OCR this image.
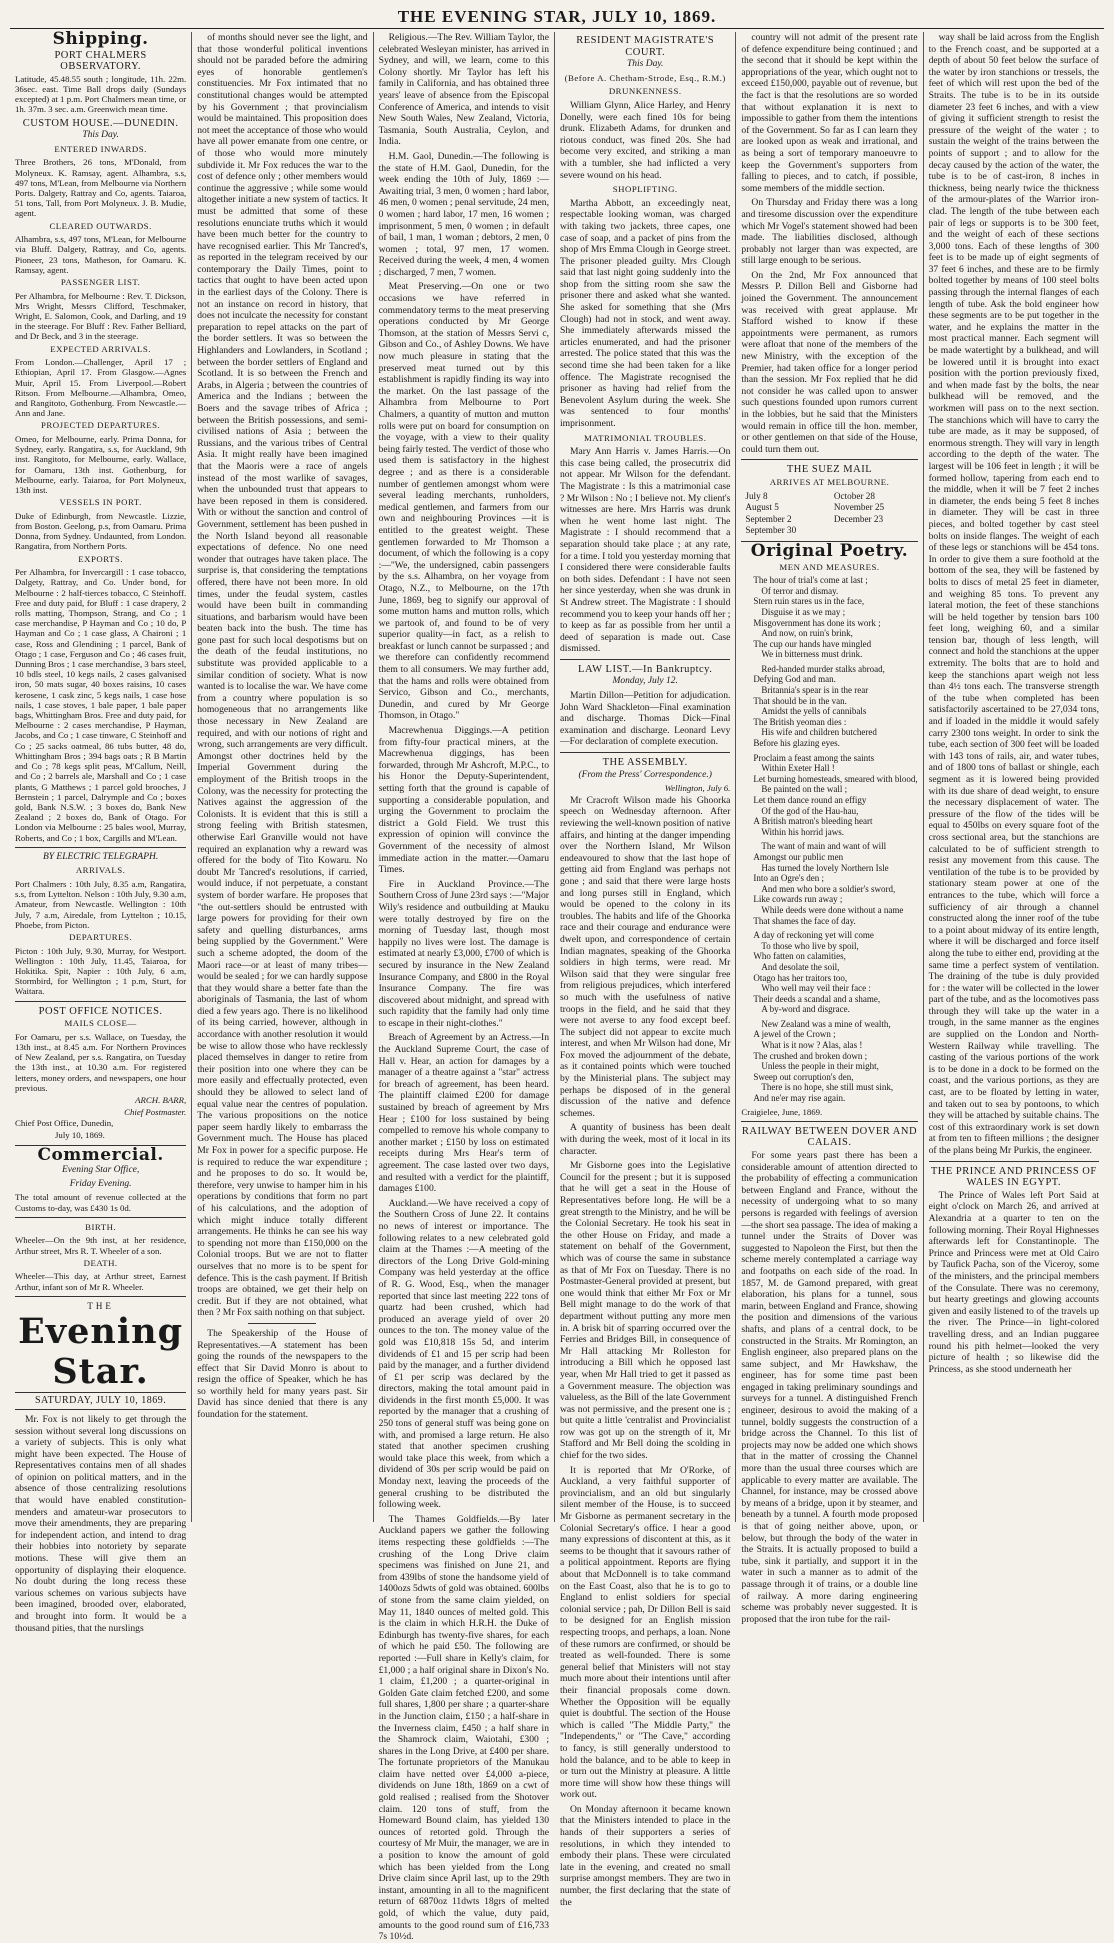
THE EVENING STAR, JULY 10, 1869.
Shipping.
PORT CHALMERS OBSERVATORY.

Latitude, 45.48.55 south ; longitude, 11h. 22m. 36sec. east. Time Ball drops daily (Sundays excepted) at 1 p.m. Port Chalmers mean time, or 1h. 37m. 3 sec. a.m. Greenwich mean time.

CUSTOM HOUSE.—DUNEDIN.
This Day.
ENTERED INWARDS.

Three Brothers, 26 tons, M'Donald, from Molyneux. K. Ramsay, agent. Alhambra, s.s, 497 tons, M'Lean, from Melbourne via Northern Ports. Dalgety, Rattray and Co, agents. Taiaroa, 51 tons, Tall, from Port Molyneux. J. B. Mudie, agent.

CLEARED OUTWARDS.

Alhambra, s.s, 497 tons, M'Lean, for Melbourne via Bluff. Dalgety, Rattray, and Co, agents. Pioneer, 23 tons, Matheson, for Oamaru. K. Ramsay, agent.

PASSENGER LIST.

Per Alhambra, for Melbourne : Rev. T. Dickson, Mrs Wright, Messrs Clifford, Teschmaker, Wright, E. Salomon, Cook, and Darling, and 19 in the steerage. For Bluff : Rev. Father Belliard, and Dr Beck, and 3 in the steerage.

EXPECTED ARRIVALS.

From London.—Challenger, April 17 ; Ethiopian, April 17. From Glasgow.—Agnes Muir, April 15. From Liverpool.—Robert Ritson. From Melbourne.—Alhambra, Omeo, and Rangitoto, Gothenburg. From Newcastle.—Ann and Jane.

PROJECTED DEPARTURES.

Omeo, for Melbourne, early. Prima Donna, for Sydney, early. Rangatira, s.s, for Auckland, 9th inst. Rangitoto, for Melbourne, early. Wallace, for Oamaru, 13th inst. Gothenburg, for Melbourne, early. Taiaroa, for Port Molyneux, 13th inst.

VESSELS IN PORT.

Duke of Edinburgh, from Newcastle. Lizzie, from Boston. Geelong, p.s, from Oamaru. Prima Donna, from Sydney. Undaunted, from London. Rangatira, from Northern Ports.

EXPORTS.

Per Alhambra, for Invercargill : 1 case tobacco, Dalgety, Rattray, and Co. Under bond, for Melbourne : 2 half-tierces tobacco, C Steinhoff. Free and duty paid, for Bluff : 1 case drapery, 2 rolls matting, Thompson, Strang, and Co ; 1 case merchandise, P Hayman and Co ; 10 do, P Hayman and Co ; 1 case glass, A Chaironi ; 1 case, Ross and Glendining ; 1 parcel, Bank of Otago ; 1 case, Ferguson and Co ; 46 cases fruit, Dunning Bros ; 1 case merchandise, 3 bars steel, 10 bdls steel, 10 kegs nails, 2 cases galvanised iron, 50 mats sugar, 40 boxes raisins, 10 cases kerosene, 1 cask zinc, 5 kegs nails, 1 case hose nails, 1 case stoves, 1 bale paper, 1 bale paper bags, Whittingham Bros. Free and duty paid, for Melbourne : 2 cases merchandise, P Hayman, Jacobs, and Co ; 1 case tinware, C Steinhoff and Co ; 25 sacks oatmeal, 86 tubs butter, 48 do, Whittingham Bros ; 394 bags oats ; R B Martin and Co ; 78 kegs split peas, M'Callum, Neill, and Co ; 2 barrels ale, Marshall and Co ; 1 case plants, G Matthews ; 1 parcel gold brooches, J Bernstein ; 1 parcel, Dalrymple and Co ; boxes gold, Bank N.S.W. ; 3 boxes do, Bank New Zealand ; 2 boxes do, Bank of Otago. For London via Melbourne : 25 bales wool, Murray, Roberts, and Co ; 1 box, Cargills and M'Lean.

BY ELECTRIC TELEGRAPH.
ARRIVALS.

Port Chalmers : 10th July, 8.35 a.m, Rangatira, s.s, from Lyttelton. Nelson : 10th July, 9.30 a.m, Amateur, from Newcastle. Wellington : 10th July, 7 a.m, Airedale, from Lyttelton ; 10.15, Phoebe, from Picton.

DEPARTURES.

Picton : 10th July, 9.30, Murray, for Westport. Wellington : 10th July, 11.45, Taiaroa, for Hokitika. Spit, Napier : 10th July, 6 a.m, Stormbird, for Wellington ; 1 p.m, Sturt, for Waitara.

POST OFFICE NOTICES.
MAILS CLOSE—

For Oamaru, per s.s. Wallace, on Tuesday, the 13th inst., at 8.45 a.m. For Northern Provinces of New Zealand, per s.s. Rangatira, on Tuesday the 13th inst., at 10.30 a.m. For registered letters, money orders, and newspapers, one hour previous.

ARCH. BARR,
Chief Postmaster.

Chief Post Office, Dunedin,

July 10, 1869.

Commercial.
Evening Star Office,
Friday Evening.

The total amount of revenue collected at the Customs to-day, was £430 1s 0d.

BIRTH.

Wheeler—On the 9th inst, at her residence, Arthur street, Mrs R. T. Wheeler of a son.

DEATH.

Wheeler—This day, at Arthur street, Earnest Arthur, infant son of Mr R. Wheeler.

THE
Evening Star.
SATURDAY, JULY 10, 1869.

Mr. Fox is not likely to get through the session without several long discussions on a variety of subjects. This is only what might have been expected. The House of Representatives contains men of all shades of opinion on political matters, and in the absence of those centralizing resolutions that would have enabled constitution-menders and amateur-war prosecutors to move their amendments, they are preparing for independent action, and intend to drag their hobbies into notoriety by separate motions. These will give them an opportunity of displaying their eloquence. No doubt during the long recess these various schemes on various subjects have been imagined, brooded over, elaborated, and brought into form. It would be a thousand pities, that the nurslings

of months should never see the light, and that those wonderful political inventions should not be paraded before the admiring eyes of honorable gentlemen's constituencies. Mr Fox intimated that no constitutional changes would be attempted by his Government ; that provincialism would be maintained. This proposition does not meet the acceptance of those who would have all power emanate from one centre, or of those who would more minutely subdivide it. Mr Fox reduces the war to the cost of defence only ; other members would continue the aggressive ; while some would altogether initiate a new system of tactics. It must be admitted that some of these resolutions enunciate truths which it would have been much better for the country to have recognised earlier. This Mr Tancred's, as reported in the telegram received by our contemporary the Daily Times, point to tactics that ought to have been acted upon in the earliest days of the Colony. There is not an instance on record in history, that does not inculcate the necessity for constant preparation to repel attacks on the part of the border settlers. It was so between the Highlanders and Lowlanders, in Scotland ; between the border settlers of England and Scotland. It is so between the French and Arabs, in Algeria ; between the countries of America and the Indians ; between the Boers and the savage tribes of Africa ; between the British possessions, and semi-civilised nations of Asia ; between the Russians, and the various tribes of Central Asia. It might really have been imagined that the Maoris were a race of angels instead of the most warlike of savages, when the unbounded trust that appears to have been reposed in them is considered. With or without the sanction and control of Government, settlement has been pushed in the North Island beyond all reasonable expectations of defence. No one need wonder that outrages have taken place. The surprise is, that considering the temptations offered, there have not been more. In old times, under the feudal system, castles would have been built in commanding situations, and barbarism would have been beaten back into the bush. The time has gone past for such local despotisms but on the death of the feudal institutions, no substitute was provided applicable to a similar condition of society. What is now wanted is to localise the war. We have come from a country where population is so homogeneous that no arrangements like those necessary in New Zealand are required, and with our notions of right and wrong, such arrangements are very difficult. Amongst other doctrines held by the Imperial Government during the employment of the British troops in the Colony, was the necessity for protecting the Natives against the aggression of the Colonists. It is evident that this is still a strong feeling with British statesmen, otherwise Earl Granville would not have required an explanation why a reward was offered for the body of Tito Kowaru. No doubt Mr Tancred's resolutions, if carried, would induce, if not perpetuate, a constant system of border warfare. He proposes that "the out-settlers should be entrusted with large powers for providing for their own safety and quelling disturbances, arms being supplied by the Government." Were such a scheme adopted, the doom of the Maori race—or at least of many tribes—would be sealed ; for we can hardly suppose that they would share a better fate than the aboriginals of Tasmania, the last of whom died a few years ago. There is no likelihood of its being carried, however, although in accordance with another resolution it would be wise to allow those who have recklessly placed themselves in danger to retire from their position into one where they can be more easily and effectually protected, even should they be allowed to select land of equal value near the centres of population. The various propositions on the notice paper seem hardly likely to embarrass the Government much. The House has placed Mr Fox in power for a specific purpose. He is required to reduce the war expenditure ; and he proposes to do so. It would be, therefore, very unwise to hamper him in his operations by conditions that form no part of his calculations, and the adoption of which might induce totally different arrangements. He thinks he can see his way to spending not more than £150,000 on the Colonial troops. But we are not to flatter ourselves that no more is to be spent for defence. This is the cash payment. If British troops are obtained, we get their help on credit. But if they are not obtained, what then ? Mr Fox saith nothing on that subject.

The Speakership of the House of Representatives.—A statement has been going the rounds of the newspapers to the effect that Sir David Monro is about to resign the office of Speaker, which he has so worthily held for many years past. Sir David has since denied that there is any foundation for the statement.

Religious.—The Rev. William Taylor, the celebrated Wesleyan minister, has arrived in Sydney, and will, we learn, come to this Colony shortly. Mr Taylor has left his family in California, and has obtained three years' leave of absence from the Episcopal Conference of America, and intends to visit New South Wales, New Zealand, Victoria, Tasmania, South Australia, Ceylon, and India.

H.M. Gaol, Dunedin.—The following is the state of H.M. Gaol, Dunedin, for the week ending the 10th of July, 1869 :—Awaiting trial, 3 men, 0 women ; hard labor, 46 men, 0 women ; penal servitude, 24 men, 0 women ; hard labor, 17 men, 16 women ; imprisonment, 5 men, 0 women ; in default of bail, 1 man, 1 woman ; debtors, 2 men, 0 women ; total, 97 men, 17 women. Received during the week, 4 men, 4 women ; discharged, 7 men, 7 women.

Meat Preserving.—On one or two occasions we have referred in commendatory terms to the meat preserving operations conducted by Mr George Thomson, at the station of Messrs Servi c, Gibson and Co., of Ashley Downs. We have now much pleasure in stating that the preserved meat turned out by this establishment is rapidly finding its way into the market. On the last passage of the Alhambra from Melbourne to Port Chalmers, a quantity of mutton and mutton rolls were put on board for consumption on the voyage, with a view to their quality being fairly tested. The verdict of those who used them is satisfactory in the highest degree ; and as there is a considerable number of gentlemen amongst whom were several leading merchants, runholders, medical gentlemen, and farmers from our own and neighbouring Provinces —it is entitled to the greatest weight. These gentlemen forwarded to Mr Thomson a document, of which the following is a copy :—"We, the undersigned, cabin passengers by the s.s. Alhambra, on her voyage from Otago, N.Z., to Melbourne, on the 17th June, 1869, beg to signify our approval of some mutton hams and mutton rolls, which we partook of, and found to be of very superior quality—in fact, as a relish to breakfast or lunch cannot be surpassed ; and we therefore can confidently recommend them to all consumers. We may further add, that the hams and rolls were obtained from Servico, Gibson and Co., merchants, Dunedin, and cured by Mr George Thomson, in Otago."

Macrewhenua Diggings.—A petition from fifty-four practical miners, at the Macrewhenua diggings, has been forwarded, through Mr Ashcroft, M.P.C., to his Honor the Deputy-Superintendent, setting forth that the ground is capable of supporting a considerable population, and urging the Government to proclaim the district a Gold Field. We trust this expression of opinion will convince the Government of the necessity of almost immediate action in the matter.—Oamaru Times.

Fire in Auckland Province.—The Southern Cross of June 23rd says :—"Major Wily's residence and outbuilding at Mauku were totally destroyed by fire on the morning of Tuesday last, though most happily no lives were lost. The damage is estimated at nearly £3,000, £700 of which is secured by insurance in the New Zealand Insurance Company, and £800 in the Royal Insurance Company. The fire was discovered about midnight, and spread with such rapidity that the family had only time to escape in their night-clothes."

Breach of Agreement by an Actress.—In the Auckland Supreme Court, the case of Hall v. Hear, an action for damages by a manager of a theatre against a "star" actress for breach of agreement, has been heard. The plaintiff claimed £200 for damage sustained by breach of agreement by Mrs Hear ; £100 for loss sustained by being compelled to remove his whole company to another market ; £150 by loss on estimated receipts during Mrs Hear's term of agreement. The case lasted over two days, and resulted with a verdict for the plaintiff, damages £100.

Auckland.—We have received a copy of the Southern Cross of June 22. It contains no news of interest or importance. The following relates to a new celebrated gold claim at the Thames :—A meeting of the directors of the Long Drive Gold-mining Company was held yesterday at the office of R. G. Wood, Esq., when the manager reported that since last meeting 222 tons of quartz had been crushed, which had produced an average yield of over 20 ounces to the ton. The money value of the gold was £10,818 15s 5d, and interim dividends of £1 and 15 per scrip had been paid by the manager, and a further dividend of £1 per scrip was declared by the directors, making the total amount paid in dividends in the first month £5,000. It was reported by the manager that a crushing of 250 tons of general stuff was being gone on with, and promised a large return. He also stated that another specimen crushing would take place this week, from which a dividend of 30s per scrip would be paid on Monday next, leaving the proceeds of the general crushing to be distributed the following week.

The Thames Goldfields.—By later Auckland papers we gather the following items respecting these goldfields :—The crushing of the Long Drive claim specimens was finished on June 21, and from 439lbs of stone the handsome yield of 1400ozs 5dwts of gold was obtained. 600lbs of stone from the same claim yielded, on May 11, 1840 ounces of melted gold. This is the claim in which H.R.H. the Duke of Edinburgh has twenty-five shares, for each of which he paid £50. The following are reported :—Full share in Kelly's claim, for £1,000 ; a half original share in Dixon's No. 1 claim, £1,200 ; a quarter-original in Golden Gate claim fetched £200, and some full shares, 1,800 per share ; a quarter-share in the Junction claim, £150 ; a half-share in the Inverness claim, £450 ; a half share in the Shamrock claim, Waiotahi, £300 ; shares in the Long Drive, at £400 per share. The fortunate proprietors of the Manukau claim have netted over £4,000 a-piece, dividends on June 18th, 1869 on a cwt of gold realised ; realised from the Shotover claim. 120 tons of stuff, from the Homeward Bound claim, has yielded 130 ounces of retorted gold. Through the courtesy of Mr Muir, the manager, we are in a position to know the amount of gold which has been yielded from the Long Drive claim since April last, up to the 29th instant, amounting in all to the magnificent return of 6870oz 11dwts 18grs of melted gold, of which the value, duty paid, amounts to the good round sum of £16,733 7s 10½d.

RESIDENT MAGISTRATE'S COURT.
This Day.
(Before A. Chetham-Strode, Esq., R.M.)
DRUNKENNESS.

William Glynn, Alice Harley, and Henry Donelly, were each fined 10s for being drunk. Elizabeth Adams, for drunken and riotous conduct, was fined 20s. She had become very excited, and striking a man with a tumbler, she had inflicted a very severe wound on his head.

SHOPLIFTING.

Martha Abbott, an exceedingly neat, respectable looking woman, was charged with taking two jackets, three capes, one case of soap, and a packet of pins from the shop of Mrs Emma Clough in George street. The prisoner pleaded guilty. Mrs Clough said that last night going suddenly into the shop from the sitting room she saw the prisoner there and asked what she wanted. She asked for something that she (Mrs Clough) had not in stock, and went away. She immediately afterwards missed the articles enumerated, and had the prisoner arrested. The police stated that this was the second time she had been taken for a like offence. The Magistrate recognised the prisoner as having had relief from the Benevolent Asylum during the week. She was sentenced to four months' imprisonment.

MATRIMONIAL TROUBLES.

Mary Ann Harris v. James Harris.—On this case being called, the prosecutrix did not appear. Mr Wilson for the defendant. The Magistrate : Is this a matrimonial case ? Mr Wilson : No ; I believe not. My client's witnesses are here. Mrs Harris was drunk when he went home last night. The Magistrate : I should recommend that a separation should take place ; at any rate, for a time. I told you yesterday morning that I considered there were considerable faults on both sides. Defendant : I have not seen her since yesterday, when she was drunk in St Andrew street. The Magistrate : I should recommend you to keep your hands off her ; to keep as far as possible from her until a deed of separation is made out. Case dismissed.

LAW LIST.—In Bankruptcy.
Monday, July 12.

Martin Dillon—Petition for adjudication. John Ward Shackleton—Final examination and discharge. Thomas Dick—Final examination and discharge. Leonard Levy—For declaration of complete execution.

THE ASSEMBLY.
(From the Press' Correspondence.)
Wellington, July 6.

Mr Cracroft Wilson made his Ghoorka speech on Wednesday afternoon. After reviewing the well-known position of native affairs, and hinting at the danger impending over the Northern Island, Mr Wilson endeavoured to show that the last hope of getting aid from England was perhaps not gone ; and said that there were large hosts and long purses still in England, which would be opened to the colony in its troubles. The habits and life of the Ghoorka race and their courage and endurance were dwelt upon, and correspondence of certain Indian magnates, speaking of the Ghoorka soldiers in high terms, were read. Mr Wilson said that they were singular free from religious prejudices, which interfered so much with the usefulness of native troops in the field, and he said that they were not averse to any food except beef. The subject did not appear to excite much interest, and when Mr Wilson had done, Mr Fox moved the adjournment of the debate, as it contained points which were touched by the Ministerial plans. The subject may perhaps be disposed of in the general discussion of the native and defence schemes.

A quantity of business has been dealt with during the week, most of it local in its character.

Mr Gisborne goes into the Legislative Council for the present ; but it is supposed that he will get a seat in the House of Representatives before long. He will be a great strength to the Ministry, and he will be the Colonial Secretary. He took his seat in the other House on Friday, and made a statement on behalf of the Government, which was of course the same in substance as that of Mr Fox on Tuesday. There is no Postmaster-General provided at present, but one would think that either Mr Fox or Mr Bell might manage to do the work of that department without putting any more men in. A brisk bit of sparring occurred over the Ferries and Bridges Bill, in consequence of Mr Hall attacking Mr Rolleston for introducing a Bill which he opposed last year, when Mr Hall tried to get it passed as a Government measure. The objection was valueless, as the Bill of the late Government was not permissive, and the present one is ; but quite a little 'centralist and Provincialist row was got up on the strength of it, Mr Stafford and Mr Bell doing the scolding in chief for the two sides.

It is reported that Mr O'Rorke, of Auckland, a very faithful supporter of provincialism, and an old but singularly silent member of the House, is to succeed Mr Gisborne as permanent secretary in the Colonial Secretary's office. I hear a good many expressions of discontent at this, as it seems to be thought that it savours rather of a political appointment. Reports are flying about that McDonnell is to take command on the East Coast, also that he is to go to England to enlist soldiers for special colonial service ; pah, Dr Dillon Bell is said to be designed for an English mission respecting troops, and perhaps, a loan. None of these rumors are confirmed, or should be treated as well-founded. There is some general belief that Ministers will not stay much more about their intentions until after their financial proposals come down. Whether the Opposition will be equally quiet is doubtful. The section of the House which is called "The Middle Party," the "Independents," or "The Cave," according to fancy, is still generally understood to hold the balance, and to be able to keep in or turn out the Ministry at pleasure. A little more time will show how these things will work out.

On Monday afternoon it became known that the Ministers intended to place in the hands of their supporters a series of resolutions, in which they intended to embody their plans. These were circulated late in the evening, and created no small surprise amongst members. They are two in number, the first declaring that the state of the

country will not admit of the present rate of defence expenditure being continued ; and the second that it should be kept within the appropriations of the year, which ought not to exceed £150,000, payable out of revenue, but the fact is that the resolutions are so worded that without explanation it is next to impossible to gather from them the intentions of the Government. So far as I can learn they are looked upon as weak and irrational, and as being a sort of temporary manoeuvre to keep the Government's supporters from falling to pieces, and to catch, if possible, some members of the middle section.

On Thursday and Friday there was a long and tiresome discussion over the expenditure which Mr Vogel's statement showed had been made. The liabilities disclosed, although probably not larger than was expected, are still large enough to be serious.

On the 2nd, Mr Fox announced that Messrs P. Dillon Bell and Gisborne had joined the Government. The announcement was received with great applause. Mr Stafford wished to know if these appointments were permanent, as rumors were afloat that none of the members of the new Ministry, with the exception of the Premier, had taken office for a longer period than the session. Mr Fox replied that he did not consider he was called upon to answer such questions founded upon rumors current in the lobbies, but he said that the Ministers would remain in office till the hon. member, or other gentlemen on that side of the House, could turn them out.

THE SUEZ MAIL
ARRIVES AT MELBOURNE.
July 8	October 28
August 5	November 25
September 2	December 23
September 30	
Original Poetry.
MEN AND MEASURES.
The hour of trial's come at last ;
Of terror and dismay.
Stern ruin stares us in the face,
Disguise it as we may ;
Misgovernment has done its work ;
And now, on ruin's brink,
The cup our hands have mingled
We in bitterness must drink.
Red-handed murder stalks abroad,
Defying God and man.
Britannia's spear is in the rear
That should be in the van.
Amidst the yells of cannibals
The British yeoman dies :
His wife and children butchered
Before his glazing eyes.
Proclaim a feast among the saints
Within Exeter Hall !
Let burning homesteads, smeared with blood,
Be painted on the wall ;
Let them dance round an effigy
Of the god of the Hau-hau,
A British matron's bleeding heart
Within his horrid jaws.
The want of main and want of will
Amongst our public men
Has turned the lovely Northern Isle
Into an Ogre's den ;
And men who bore a soldier's sword,
Like cowards run away ;
While deeds were done without a name
That shames the face of day.
A day of reckoning yet will come
To those who live by spoil,
Who fatten on calamities,
And desolate the soil,
Otago has her traitors too,
Who well may veil their face :
Their deeds a scandal and a shame,
A by-word and disgrace.
New Zealand was a mine of wealth,
A jewel of the Crown ;
What is it now ? Alas, alas !
The crushed and broken down ;
Unless the people in their might,
Sweep out corruption's den,
There is no hope, she still must sink,
And ne'er may rise again.

Craigielee, June, 1869.

RAILWAY BETWEEN DOVER AND CALAIS.

For some years past there has been a considerable amount of attention directed to the probability of effecting a communication between England and France, without the necessity of undergoing what to so many persons is regarded with feelings of aversion—the short sea passage. The idea of making a tunnel under the Straits of Dover was suggested to Napoleon the First, but then the scheme merely contemplated a carriage way and footpaths on each side of the road. In 1857, M. de Gamond prepared, with great elaboration, his plans for a tunnel, sous marin, between England and France, showing the position and dimensions of the various shafts, and plans of a central dock, to be constructed in the Straits. Mr Romington, an English engineer, also prepared plans on the same subject, and Mr Hawkshaw, the engineer, has for some time past been engaged in taking preliminary soundings and surveys for a tunnel. A distinguished French engineer, desirous to avoid the making of a tunnel, boldly suggests the construction of a bridge across the Channel. To this list of projects may now be added one which shows that in the matter of crossing the Channel more than the usual three courses which are applicable to every matter are available. The Channel, for instance, may be crossed above by means of a bridge, upon it by steamer, and beneath by a tunnel. A fourth mode proposed is that of going neither above, upon, or below, but through the body of the water in the Straits. It is actually proposed to build a tube, sink it partially, and support it in the water in such a manner as to admit of the passage through it of trains, or a double line of railway. A more daring engineering scheme was probably never suggested. It is proposed that the iron tube for the rail-

way shall be laid across from the English to the French coast, and be supported at a depth of about 50 feet below the surface of the water by iron stanchions or tressels, the feet of which will rest upon the bed of the Straits. The tube is to be in its outside diameter 23 feet 6 inches, and with a view of giving it sufficient strength to resist the pressure of the weight of the water ; to sustain the weight of the trains between the points of support ; and to allow for the decay caused by the action of the water, the tube is to be of cast-iron, 8 inches in thickness, being nearly twice the thickness of the armour-plates of the Warrior iron-clad. The length of the tube between each pair of legs or supports is to be 300 feet, and the weight of each of these sections 3,000 tons. Each of these lengths of 300 feet is to be made up of eight segments of 37 feet 6 inches, and these are to be firmly bolted together by means of 100 steel bolts passing through the internal flanges of each length of tube. Ask the bold engineer how these segments are to be put together in the water, and he explains the matter in the most practical manner. Each segment will be made watertight by a bulkhead, and will be lowered until it is brought into exact position with the portion previously fixed, and when made fast by the bolts, the near bulkhead will be removed, and the workmen will pass on to the next section. The stanchions which will have to carry the tube are made, as it may be supposed, of enormous strength. They will vary in length according to the depth of the water. The largest will be 106 feet in length ; it will be formed hollow, tapering from each end to the middle, when it will be 7 feet 2 inches in diameter, the ends being 5 feet 8 inches in diameter. They will be cast in three pieces, and bolted together by cast steel bolts on inside flanges. The weight of each of these legs or stanchions will be 454 tons. In order to give them a sure foothold at the bottom of the sea, they will be fastened by bolts to discs of metal 25 feet in diameter, and weighing 85 tons. To prevent any lateral motion, the feet of these stanchions will be held together by tension bars 100 feet long, weighing 60, and a similar tension bar, though of less length, will connect and hold the stanchions at the upper extremity. The bolts that are to hold and keep the stanchions apart weigh not less than 4½ tons each. The transverse strength of the tube when completed has been satisfactorily ascertained to be 27,034 tons, and if loaded in the middle it would safely carry 2300 tons weight. In order to sink the tube, each section of 300 feet will be loaded with 143 tons of rails, air, and water tubes, and of 1800 tons of ballast or shingle, each segment as it is lowered being provided with its due share of dead weight, to ensure the necessary displacement of water. The pressure of the flow of the tides will be equal to 450lbs on every square foot of the cross sectional area, but the stanchions are calculated to be of sufficient strength to resist any movement from this cause. The ventilation of the tube is to be provided by stationary steam power at one of the entrances to the tube, which will force a sufficiency of air through a channel constructed along the inner roof of the tube to a point about midway of its entire length, where it will be discharged and force itself along the tube to either end, providing at the same time a perfect system of ventilation. The draining of the tube is duly provided for : the water will be collected in the lower part of the tube, and as the locomotives pass through they will take up the water in a trough, in the same manner as the engines are supplied on the London and North-Western Railway while travelling. The casting of the various portions of the work is to be done in a dock to be formed on the coast, and the various portions, as they are cast, are to be floated by letting in water, and taken out to sea by pontoons, to which they will be attached by suitable chains. The cost of this extraordinary work is set down at from ten to fifteen millions ; the designer of the plans being Mr Purkis, the engineer.

THE PRINCE AND PRINCESS OF WALES IN EGYPT.

The Prince of Wales left Port Said at eight o'clock on March 26, and arrived at Alexandria at a quarter to ten on the following morning. Their Royal Highnesses afterwards left for Constantinople. The Prince and Princess were met at Old Cairo by Taufick Pacha, son of the Viceroy, some of the ministers, and the principal members of the Consulate. There was no ceremony, but hearty greetings and glowing accounts given and easily listened to of the travels up the river. The Prince—in light-colored travelling dress, and an Indian puggaree round his pith helmet—looked the very picture of health ; so likewise did the Princess, as she stood underneath her
